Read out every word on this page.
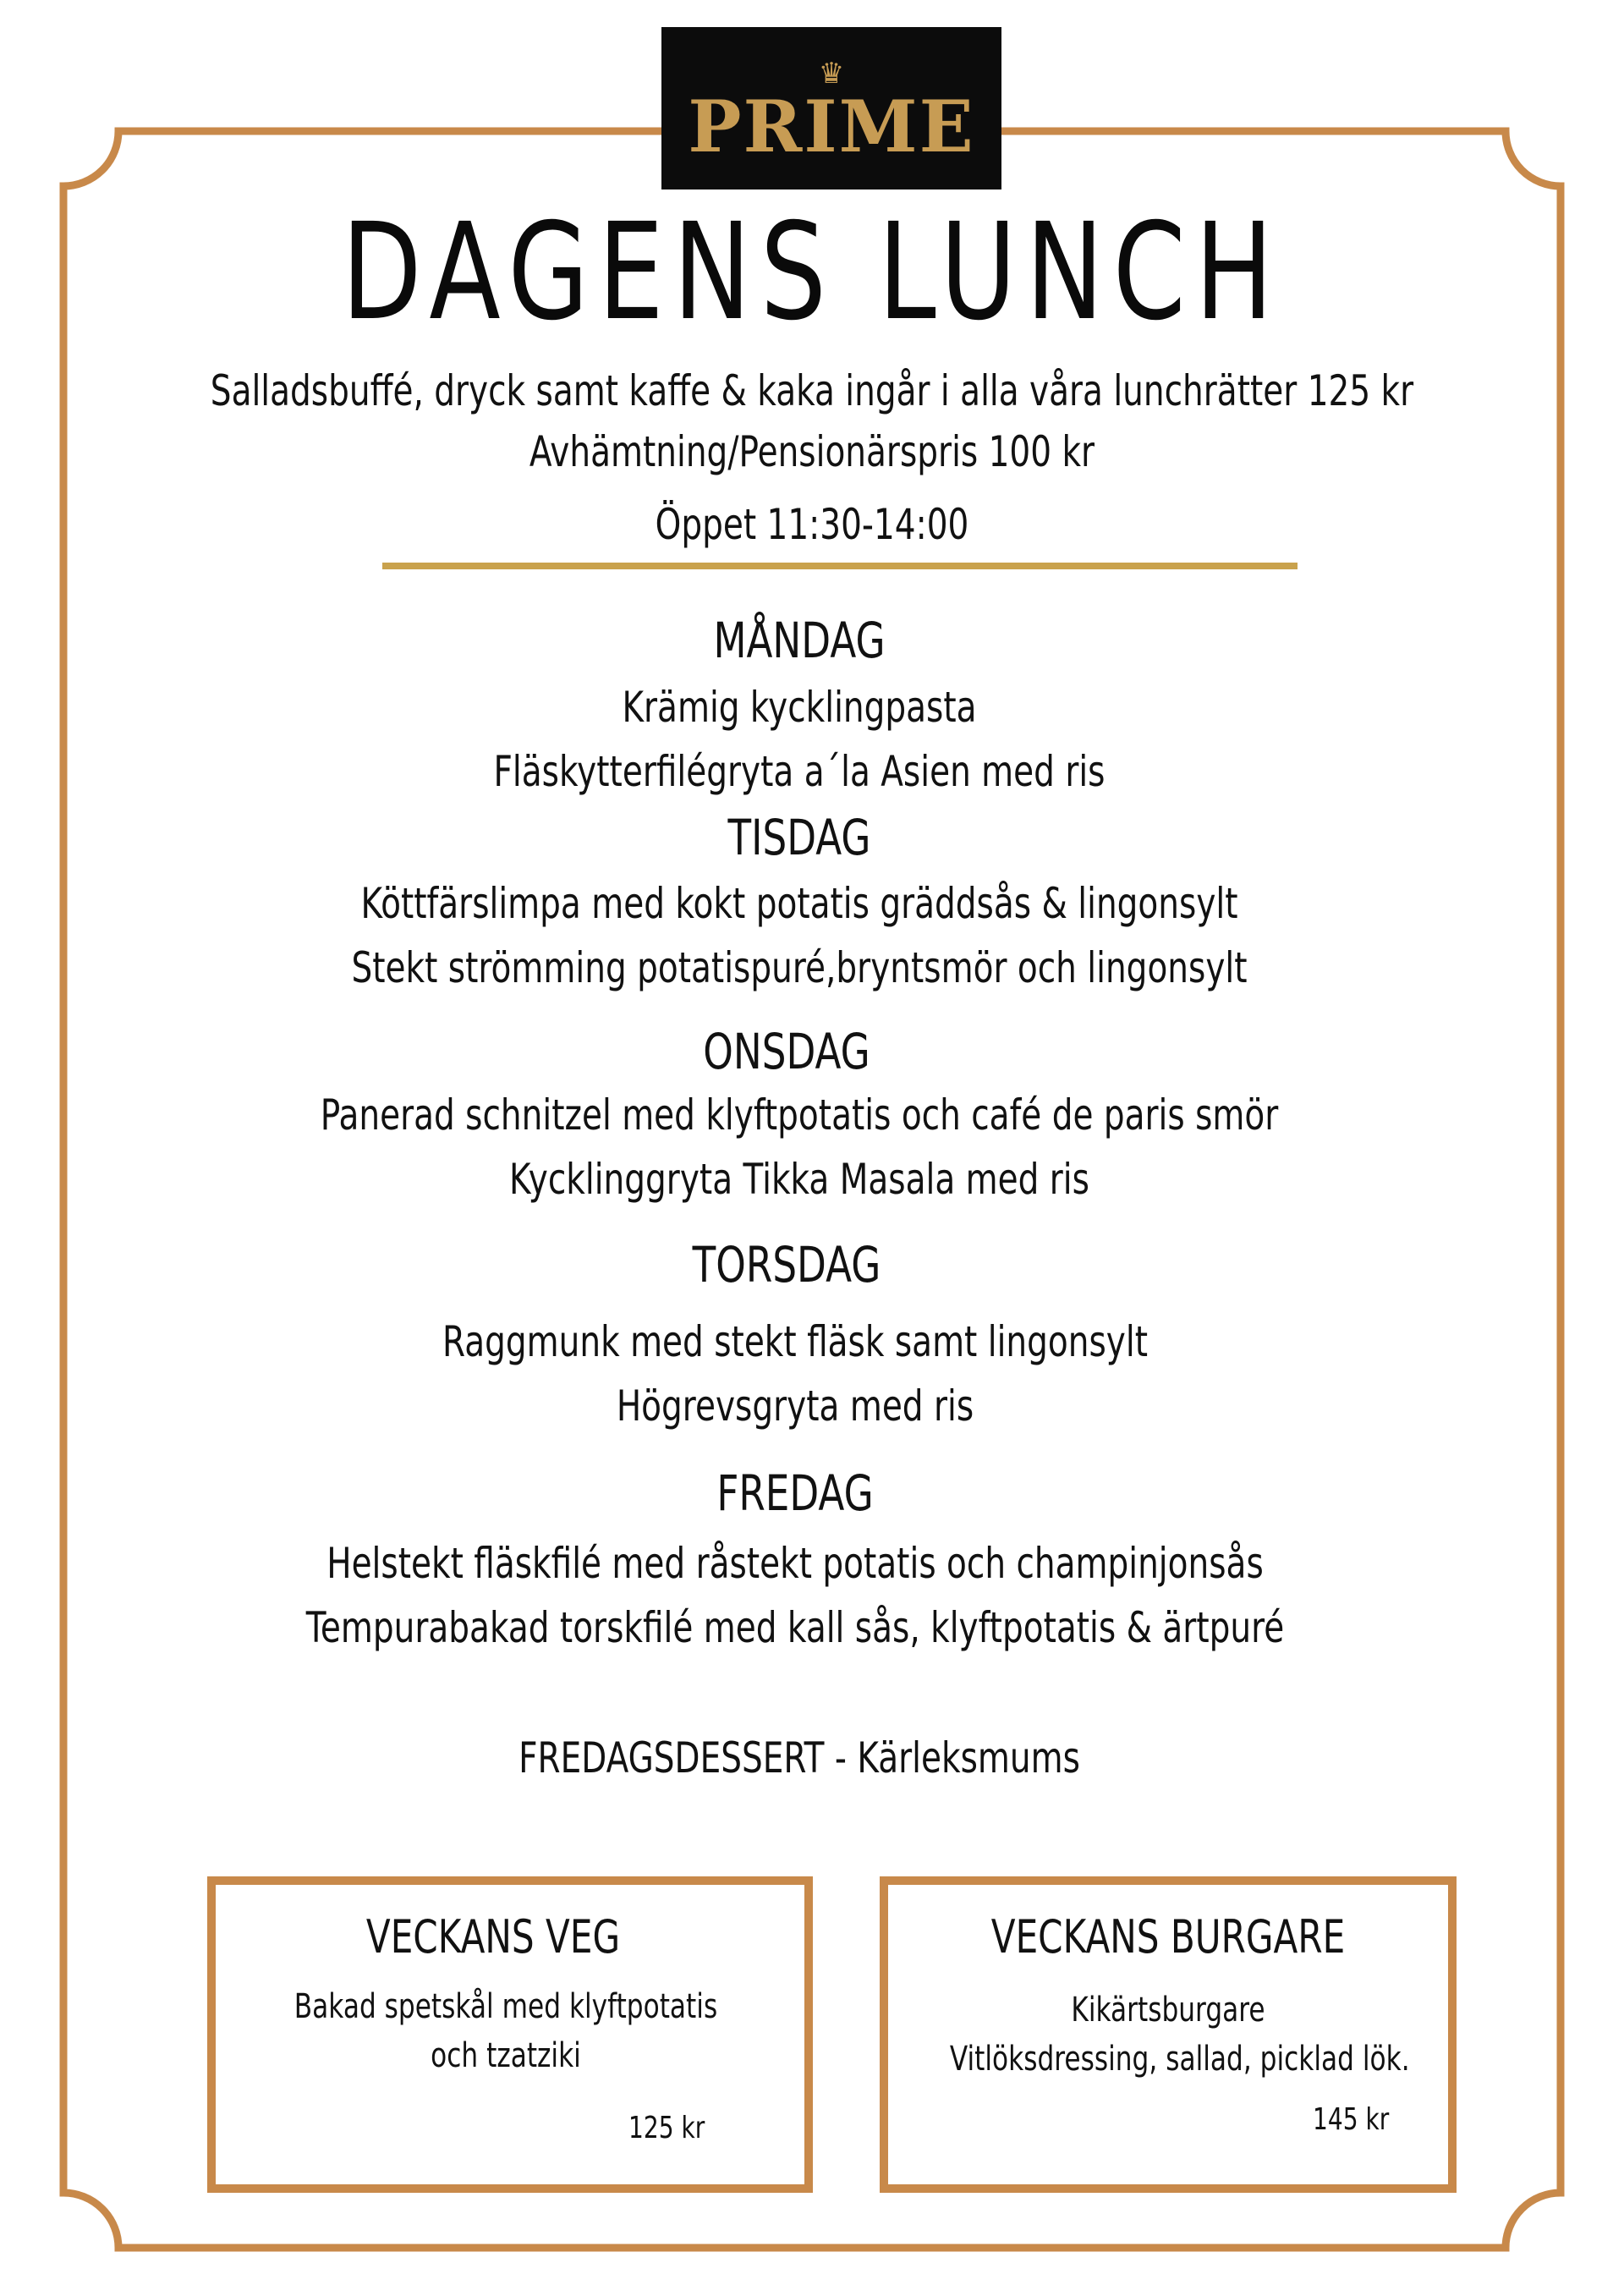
♛
PRIME
DAGENS LUNCH
Salladsbuffé, dryck samt kaffe & kaka ingår i alla våra lunchrätter 125 kr
Avhämtning/Pensionärspris 100 kr
Öppet 11:30-14:00
MÅNDAG
Krämig kycklingpasta
Fläskytterfilégryta a´la Asien med ris
TISDAG
Köttfärslimpa med kokt potatis gräddsås & lingonsylt
Stekt strömming potatispuré,bryntsmör och lingonsylt
ONSDAG
Panerad schnitzel med klyftpotatis och café de paris smör
Kycklinggryta Tikka Masala med ris
TORSDAG
Raggmunk med stekt fläsk samt lingonsylt
Högrevsgryta med ris
FREDAG
Helstekt fläskfilé med råstekt potatis och champinjonsås
Tempurabakad torskfilé med kall sås, klyftpotatis & ärtpuré
FREDAGSDESSERT - Kärleksmums
VECKANS VEG
Bakad spetskål med klyftpotatis
och tzatziki
125 kr
VECKANS BURGARE
Kikärtsburgare
Vitlöksdressing, sallad, picklad lök.
145 kr
